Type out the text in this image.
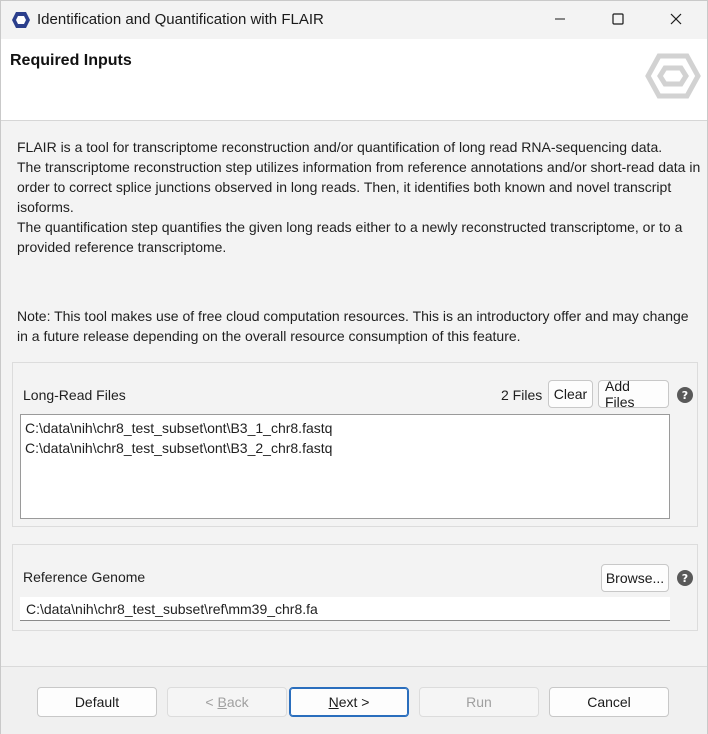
Identification and Quantification with FLAIR
Required Inputs

FLAIR is a tool for transcriptome reconstruction and/or quantification of long read RNA-sequencing data.

The transcriptome reconstruction step utilizes information from reference annotations and/or short-read data in order to correct splice junctions observed in long reads. Then, it identifies both known and novel transcript isoforms.

The quantification step quantifies the given long reads either to a newly reconstructed transcriptome, or to a provided reference transcriptome.

Note: This tool makes use of free cloud computation resources. This is an introductory offer and may change in a future release depending on the overall resource consumption of this feature.
Long-Read Files	2 Files Clear	Add Files	?
C:\data\nih\chr8_test_subset\ont\B3_1_chr8.fastq
C:\data\nih\chr8_test_subset\ont\B3_2_chr8.fastq
Reference Genome	Browse...	?
C:\data\nih\chr8_test_subset\ref\mm39_chr8.fa
Default	< B ack	N ext >	Run	Cancel
